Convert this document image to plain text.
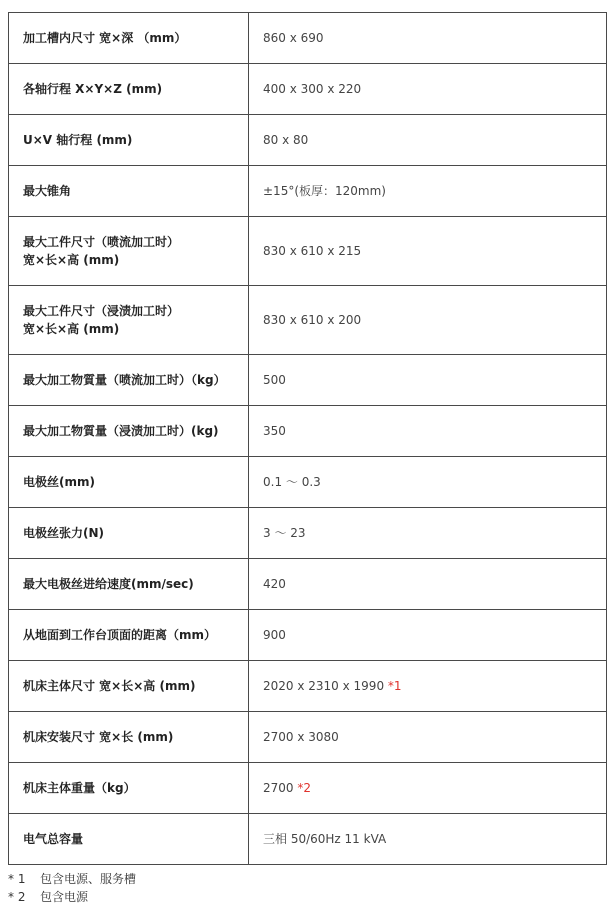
加工槽内尺寸 宽×深 （mm）	860 x 690
各轴行程 X×Y×Z (mm)	400 x 300 x 220
U×V 轴行程 (mm)	80 x 80
最大锥角	±15°(板厚：120mm)
最大工件尺寸（喷流加工时）
宽×长×高 (mm)	830 x 610 x 215
最大工件尺寸（浸渍加工时）
宽×长×高 (mm)	830 x 610 x 200
最大加工物質量（喷流加工时）（kg）	500
最大加工物質量（浸渍加工时）(kg)	350
电极丝(mm)	0.1 ～ 0.3
电极丝张力(N)	3 ～ 23
最大电极丝进给速度(mm/sec)	420
从地面到工作台顶面的距离（mm）	900
机床主体尺寸 宽×长×高 (mm)	2020 x 2310 x 1990 *1
机床安装尺寸 宽×长 (mm)	2700 x 3080
机床主体重量（kg）	2700 *2
电气总容量	三相 50/60Hz 11 kVA
* 1	包含电源、服务槽
* 2	包含电源
